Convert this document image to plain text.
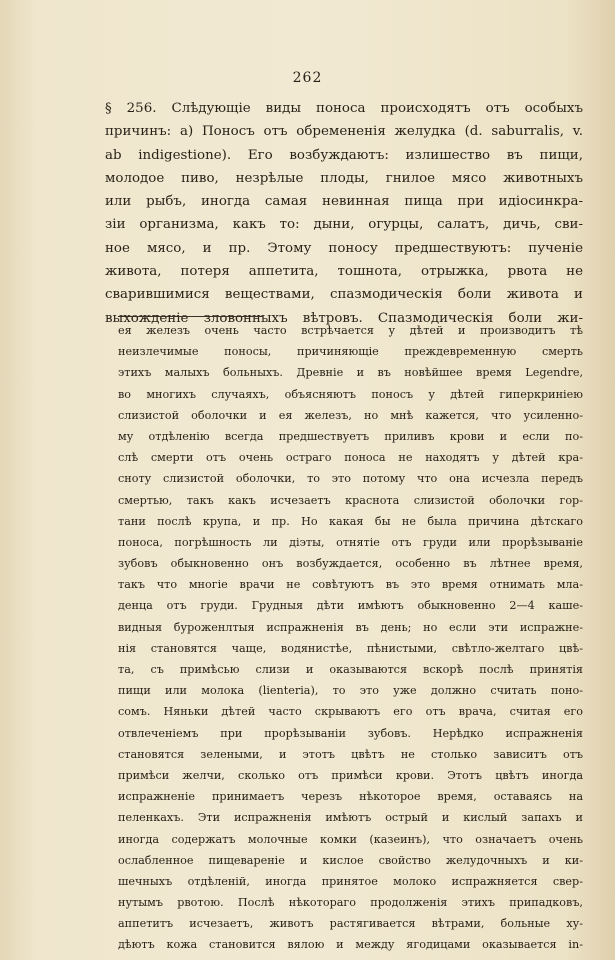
262
§ 256. Слѣдующіе виды поноса происходятъ отъ особыхъ
причинъ: а) Поносъ отъ обремененія желудка (d. saburralis, v.
ab indigestione). Его возбуждаютъ: излишество въ пищи,
молодое пиво, незрѣлые плоды, гнилое мясо животныхъ
или рыбъ, иногда самая невинная пища при идіосинкра-
зіи организма, какъ то: дыни, огурцы, салатъ, дичь, сви-
ное мясо, и пр. Этому поносу предшествуютъ: пученіе
живота, потеря аппетита, тошнота, отрыжка, рвота не
сварившимися веществами, спазмодическія боли живота и
выхожденіе зловонныхъ вѣтровъ. Спазмодическія боли жи-
ея железъ очень часто встрѣчается у дѣтей и производитъ тѣ
неизлечимые поносы, причиняющіе преждевременную смерть
этихъ малыхъ больныхъ. Древніе и въ новѣйшее время Legendre,
во многихъ случаяхъ, объясняютъ поносъ у дѣтей гиперкриніею
слизистой оболочки и ея железъ, но мнѣ кажется, что усиленно-
му отдѣленію всегда предшествуетъ приливъ крови и если по-
слѣ смерти отъ очень остраго поноса не находятъ у дѣтей кра-
сноту слизистой оболочки, то это потому что она исчезла передъ
смертью, такъ какъ исчезаетъ краснота слизистой оболочки гор-
тани послѣ крупа, и пр. Но какая бы не была причина дѣтскаго
поноса, погрѣшность ли діэты, отнятіе отъ груди или прорѣзываніе
зубовъ обыкновенно онъ возбуждается, особенно въ лѣтнее время,
такъ что многіе врачи не совѣтуютъ въ это время отнимать мла-
денца отъ груди. Грудныя дѣти имѣютъ обыкновенно 2—4 каше-
видныя буроженлтыя испражненія въ день; но если эти испражне-
нія становятся чаще, водянистѣе, пѣнистыми, свѣтло-желтаго цвѣ-
та, съ примѣсью слизи и оказываются вскорѣ послѣ принятія
пищи или молока (lienteria), то это уже должно считать поно-
сомъ. Няньки дѣтей часто скрываютъ его отъ врача, считая его
отвлеченіемъ при прорѣзываніи зубовъ. Нерѣдко испражненія
становятся зелеными, и этотъ цвѣтъ не столько зависитъ отъ
примѣси желчи, сколько отъ примѣси крови. Этотъ цвѣтъ иногда
испражненіе принимаетъ черезъ нѣкоторое время, оставаясь на
пеленкахъ. Эти испражненія имѣютъ острый и кислый запахъ и
иногда содержатъ молочные комки (казеинъ), что означаетъ очень
ослабленное пищевареніе и кислое свойство желудочныхъ и ки-
шечныхъ отдѣленій, иногда принятое молоко испражняется свер-
нутымъ рвотою. Послѣ нѣкотораго продолженія этихъ припадковъ,
аппетитъ исчезаетъ, животъ растягивается вѣтрами, больные ху-
дѣютъ кожа становится вялою и между ягодицами оказывается in-
